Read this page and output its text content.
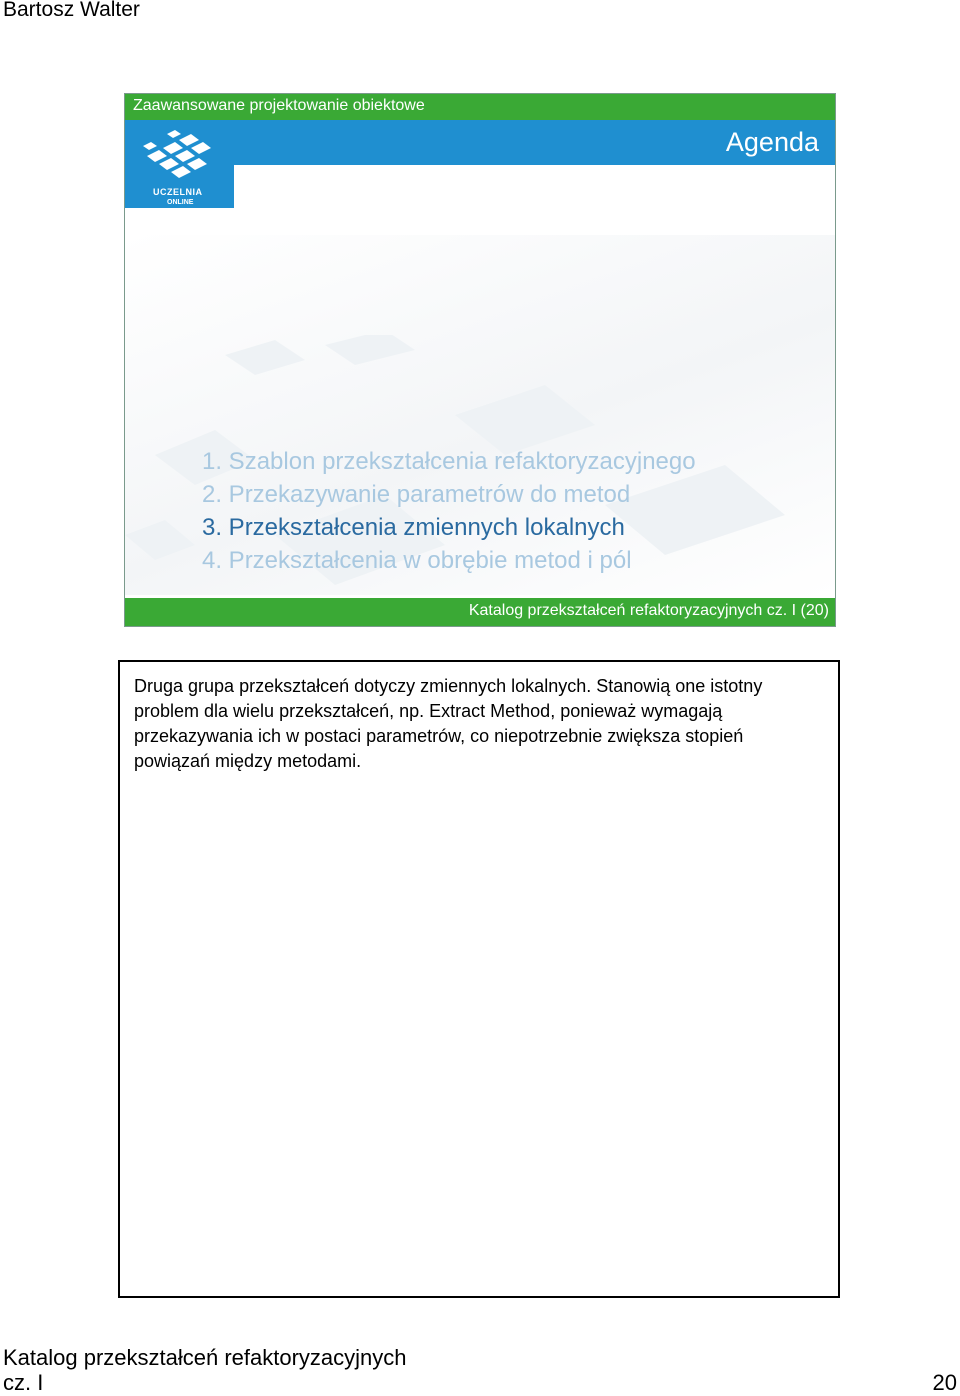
Bartosz Walter
Zaawansowane projektowanie obiektowe
UCZELNIA
ONLINE
Agenda
1. Szablon przekształcenia refaktoryzacyjnego
2. Przekazywanie parametrów do metod
3. Przekształcenia zmiennych lokalnych
4. Przekształcenia w obrębie metod i pól
Katalog przekształceń refaktoryzacyjnych cz. I (20)
Druga grupa przekształceń dotyczy zmiennych lokalnych. Stanowią one istotny problem dla wielu przekształceń, np. Extract Method, ponieważ wymagają przekazywania ich w postaci parametrów, co niepotrzebnie zwiększa stopień powiązań między metodami.
Katalog przekształceń refaktoryzacyjnych
cz. I	20
